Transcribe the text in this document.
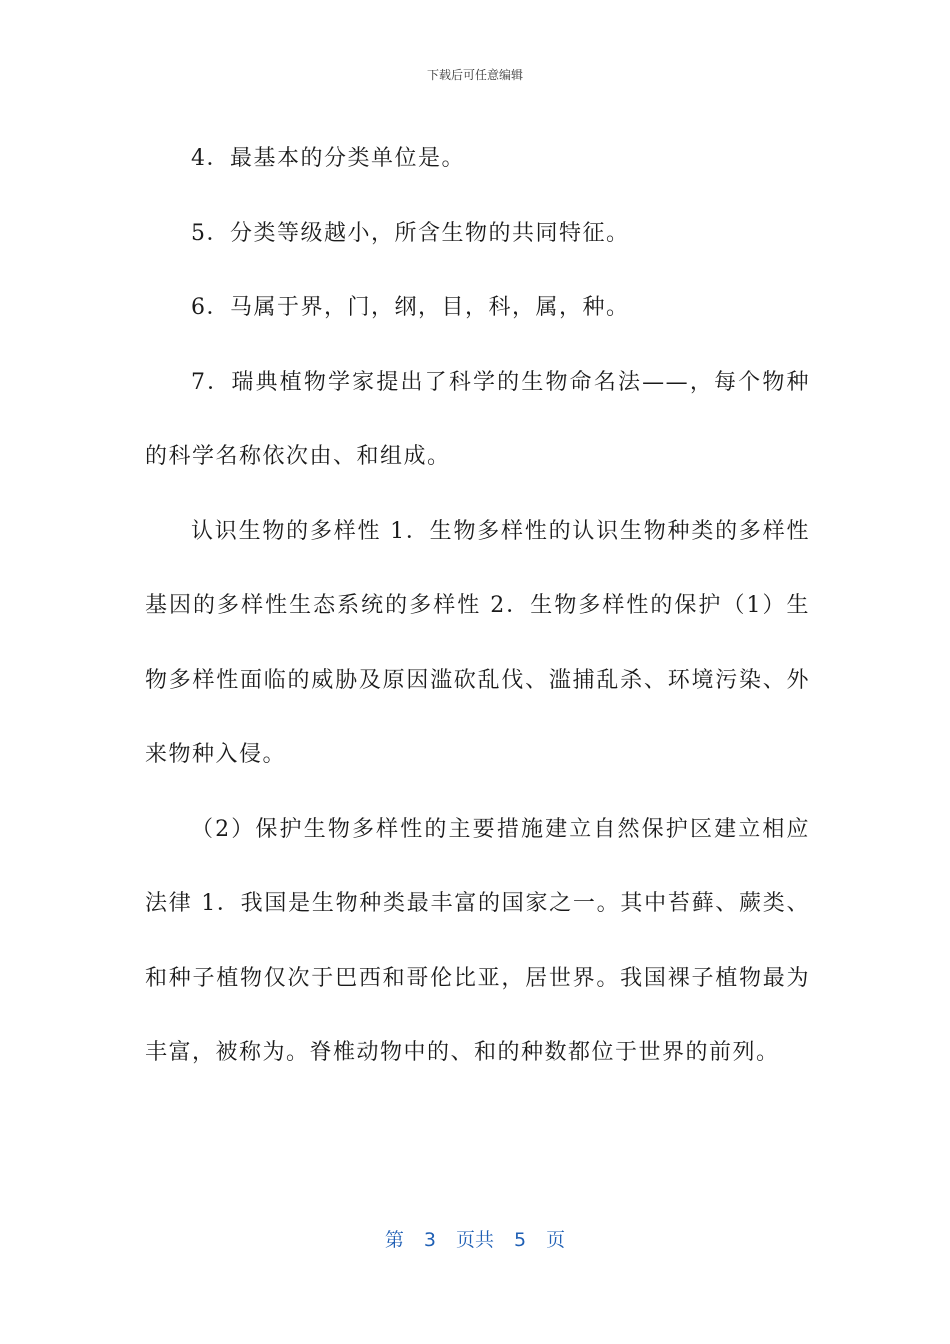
下载后可任意编辑

4．最基本的分类单位是。

5．分类等级越小，所含生物的共同特征。

6．马属于界，门，纲，目，科，属，种。

7．瑞典植物学家提出了科学的生物命名法——，每个物种的科学名称依次由、和组成。

认识生物的多样性 1．生物多样性的认识生物种类的多样性基因的多样性生态系统的多样性 2．生物多样性的保护（1）生物多样性面临的威胁及原因滥砍乱伐、滥捕乱杀、环境污染、外来物种入侵。

（2）保护生物多样性的主要措施建立自然保护区建立相应法律 1．我国是生物种类最丰富的国家之一。其中苔藓、蕨类、和种子植物仅次于巴西和哥伦比亚，居世界。我国裸子植物最为丰富，被称为。脊椎动物中的、和的种数都位于世界的前列。

第 3 页共 5 页
